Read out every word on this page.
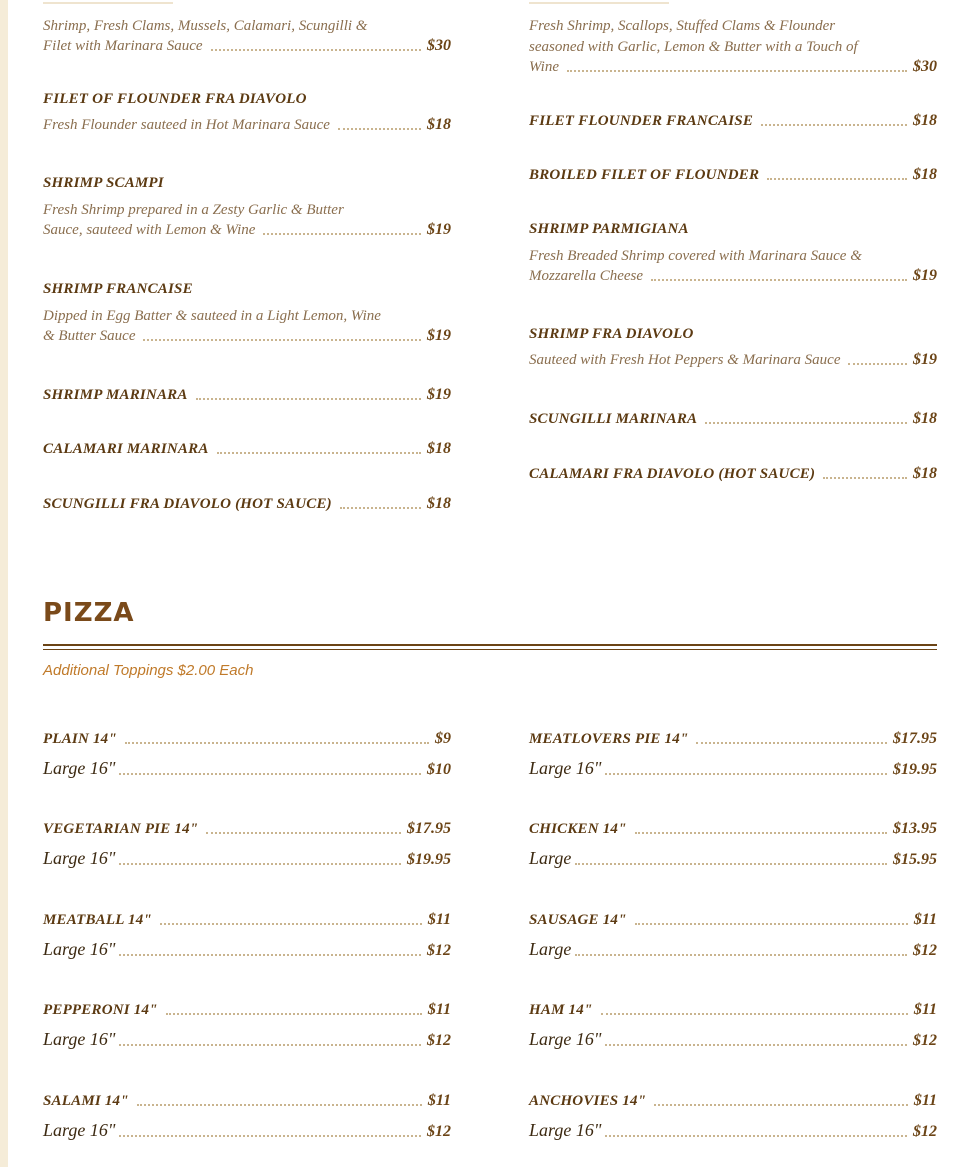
Shrimp, Fresh Clams, Mussels, Calamari, Scungilli &
Filet with Marinara Sauce	$30
FILET OF FLOUNDER FRA DIAVOLO
Fresh Flounder sauteed in Hot Marinara Sauce	$18
SHRIMP SCAMPI
Fresh Shrimp prepared in a Zesty Garlic & Butter
Sauce, sauteed with Lemon & Wine	$19
SHRIMP FRANCAISE
Dipped in Egg Batter & sauteed in a Light Lemon, Wine
& Butter Sauce	$19
SHRIMP MARINARA	$19
CALAMARI MARINARA	$18
SCUNGILLI FRA DIAVOLO (HOT SAUCE)	$18
Fresh Shrimp, Scallops, Stuffed Clams & Flounder
seasoned with Garlic, Lemon & Butter with a Touch of
Wine	$30
FILET FLOUNDER FRANCAISE	$18
BROILED FILET OF FLOUNDER	$18
SHRIMP PARMIGIANA
Fresh Breaded Shrimp covered with Marinara Sauce &
Mozzarella Cheese	$19
SHRIMP FRA DIAVOLO
Sauteed with Fresh Hot Peppers & Marinara Sauce	$19
SCUNGILLI MARINARA	$18
CALAMARI FRA DIAVOLO (HOT SAUCE)	$18
PIZZA
Additional Toppings $2.00 Each
PLAIN 14"	$9
Large 16"	$10
VEGETARIAN PIE 14"	$17.95
Large 16"	$19.95
MEATBALL 14"	$11
Large 16"	$12
PEPPERONI 14"	$11
Large 16"	$12
SALAMI 14"	$11
Large 16"	$12
MEATLOVERS PIE 14"	$17.95
Large 16"	$19.95
CHICKEN 14"	$13.95
Large	$15.95
SAUSAGE 14"	$11
Large	$12
HAM 14"	$11
Large 16"	$12
ANCHOVIES 14"	$11
Large 16"	$12
